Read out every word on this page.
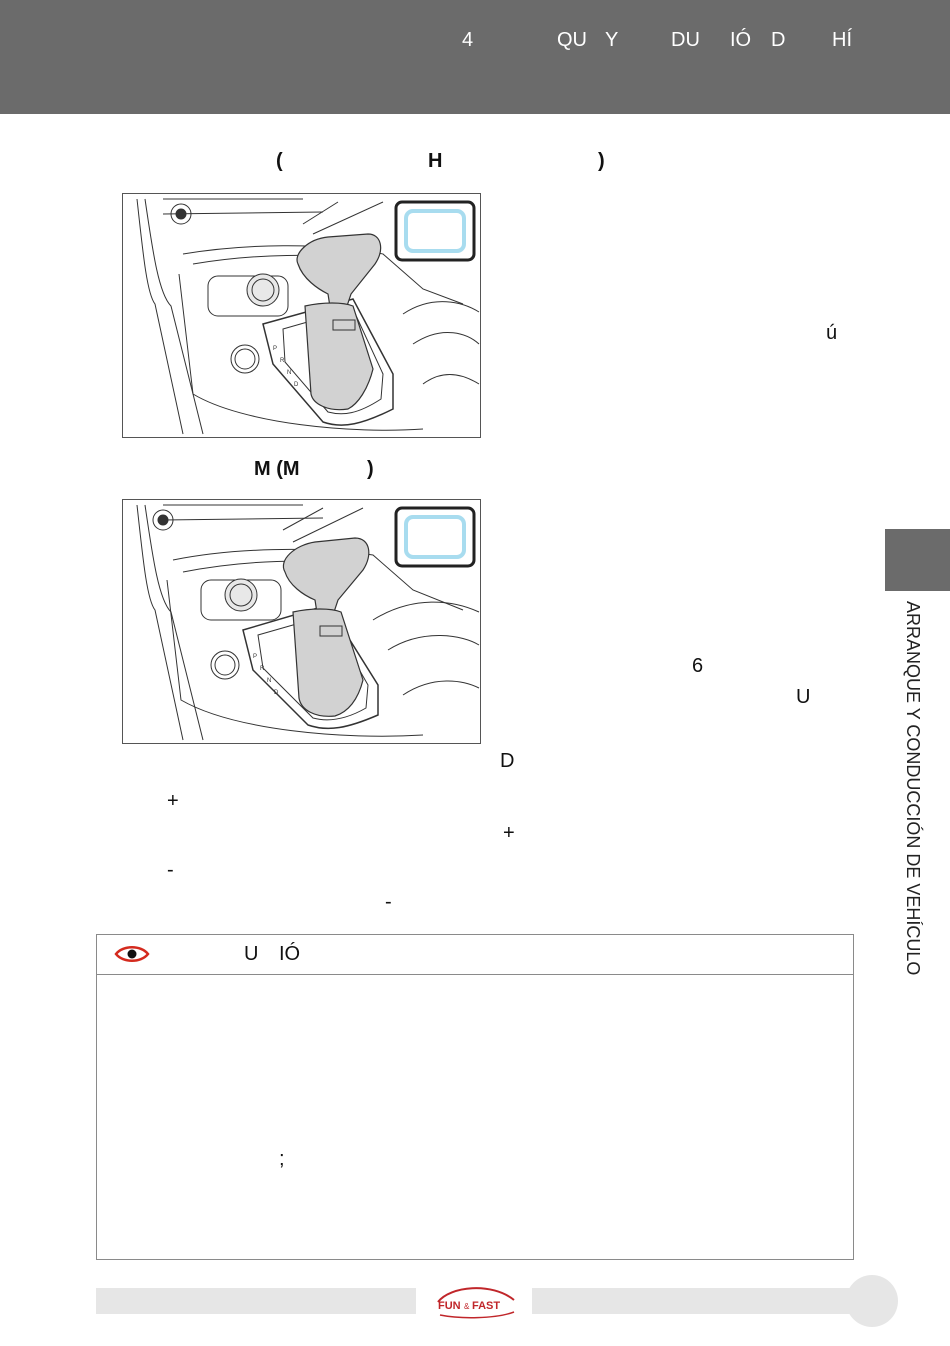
4	QU Y	DU IÓ D HÍ
(	H	)
P
R
N
D
ú
M (M	)
P
R
N
D
6
U
D
+
+
-
-	ARRANQUE Y CONDUCCIÓN DE VEHÍCULO
U IÓ
;
FUN & FAST
